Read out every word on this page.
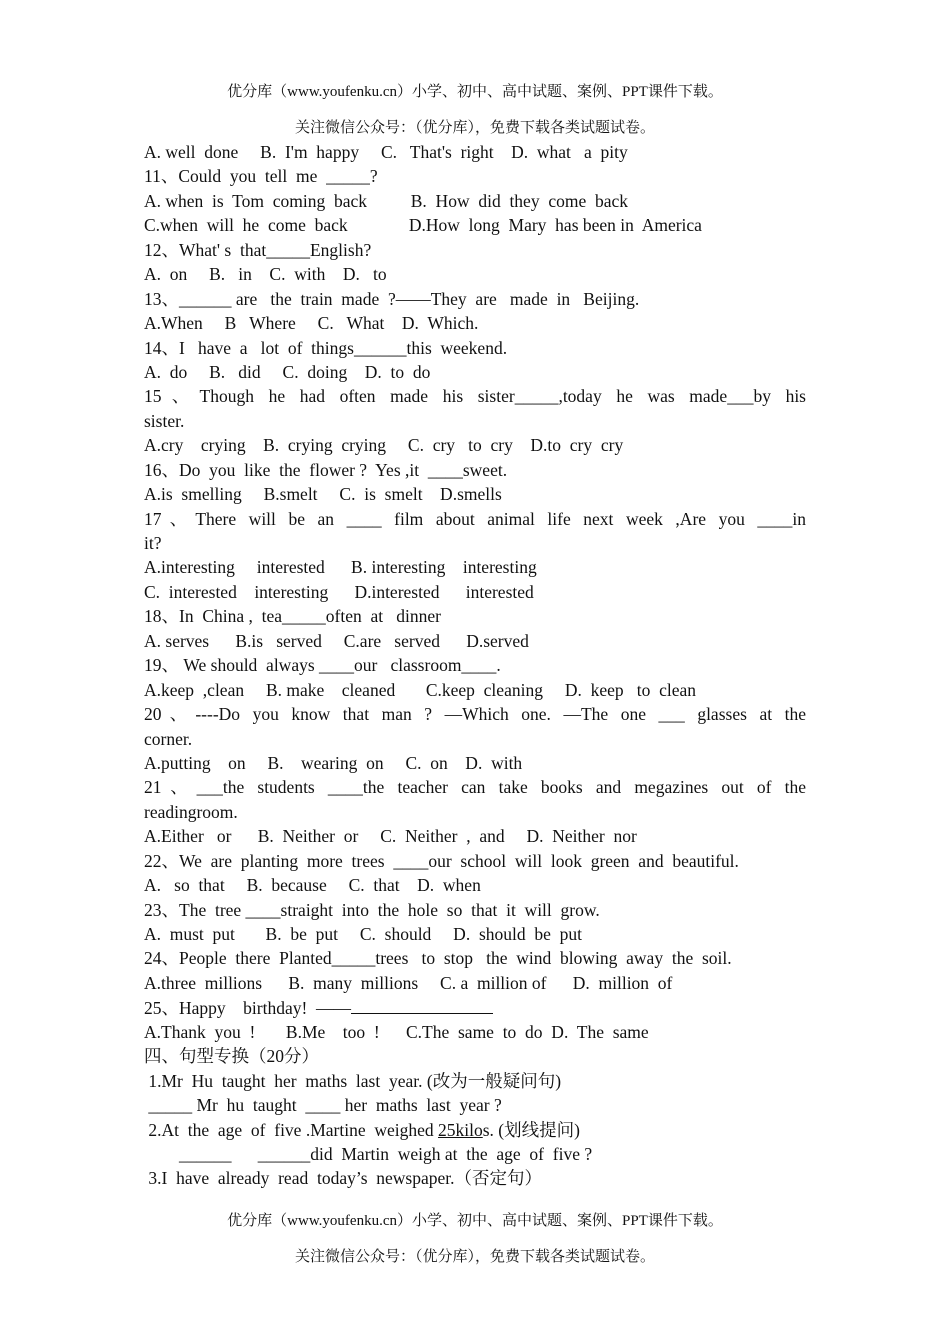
优分库（www.youfenku.cn）小学、初中、高中试题、案例、PPT课件下载。
关注微信公众号：（优分库），免费下载各类试题试卷。
A. well  done     B.  I'm  happy     C.   That's  right    D.  what   a  pity
11、Could  you  tell  me  _____?
A. when  is  Tom  coming  back          B.  How  did  they  come  back
C.when  will  he  come  back              D.How  long  Mary  has been in  America
12、What' s  that_____English?
A.  on     B.   in    C.  with    D.   to
13、______ are   the  train  made  ?——They  are   made  in   Beijing.
A.When     B   Where     C.   What    D.  Which.
14、I   have  a   lot  of  things______this  weekend.
A.  do     B.   did     C.  doing    D.  to  do
15、Though he had often made his sister_____,today he was made___by his
sister.
A.cry    crying    B.  crying  crying     C.  cry   to  cry    D.to  cry  cry
16、Do  you  like  the  flower ?  Yes ,it  ____sweet.
A.is  smelling     B.smelt     C.  is  smelt    D.smells
17、There will be an ____ film about animal life next week ,Are you ____in
it?
A.interesting     interested      B. interesting    interesting
C.  interested    interesting      D.interested      interested
18、In  China ,  tea_____often  at   dinner
A. serves      B.is   served     C.are   served      D.served
19、 We should  always ____our   classroom____.
A.keep  ,clean     B. make    cleaned       C.keep  cleaning     D.  keep   to  clean
20、----Do you know that man ? —Which one. —The one ___ glasses at the
corner.
A.putting    on     B.    wearing  on     C.  on    D.  with
21、___the students ____the teacher can take books and megazines out of the
readingroom.
A.Either   or      B.  Neither  or     C.  Neither  ,  and     D.  Neither  nor
22、We  are  planting  more  trees  ____our  school  will  look  green  and  beautiful.
A.   so  that     B.  because     C.  that    D.  when
23、The  tree ____straight  into  the  hole  so  that  it  will  grow.
A.  must  put       B.  be  put     C.  should     D.  should  be  put
24、People  there  Planted_____trees   to  stop   the  wind  blowing  away  the  soil.
A.three  millions      B.  many  millions     C. a  million of      D.  million  of
25、Happy    birthday!  ——
A.Thank  you  !       B.Me    too  !      C.The  same  to  do  D.  The  same
四、句型专换（20分）
1.Mr  Hu  taught  her  maths  last  year. (改为一般疑问句)
_____ Mr  hu  taught  ____ her  maths  last  year ?
2.At  the  age  of  five .Martine  weighed 25kilos. (划线提问)
______      ______did  Martin  weigh at  the  age  of  five ?
3.I  have  already  read  today’s  newspaper.（否定句）
优分库（www.youfenku.cn）小学、初中、高中试题、案例、PPT课件下载。
关注微信公众号：（优分库），免费下载各类试题试卷。
